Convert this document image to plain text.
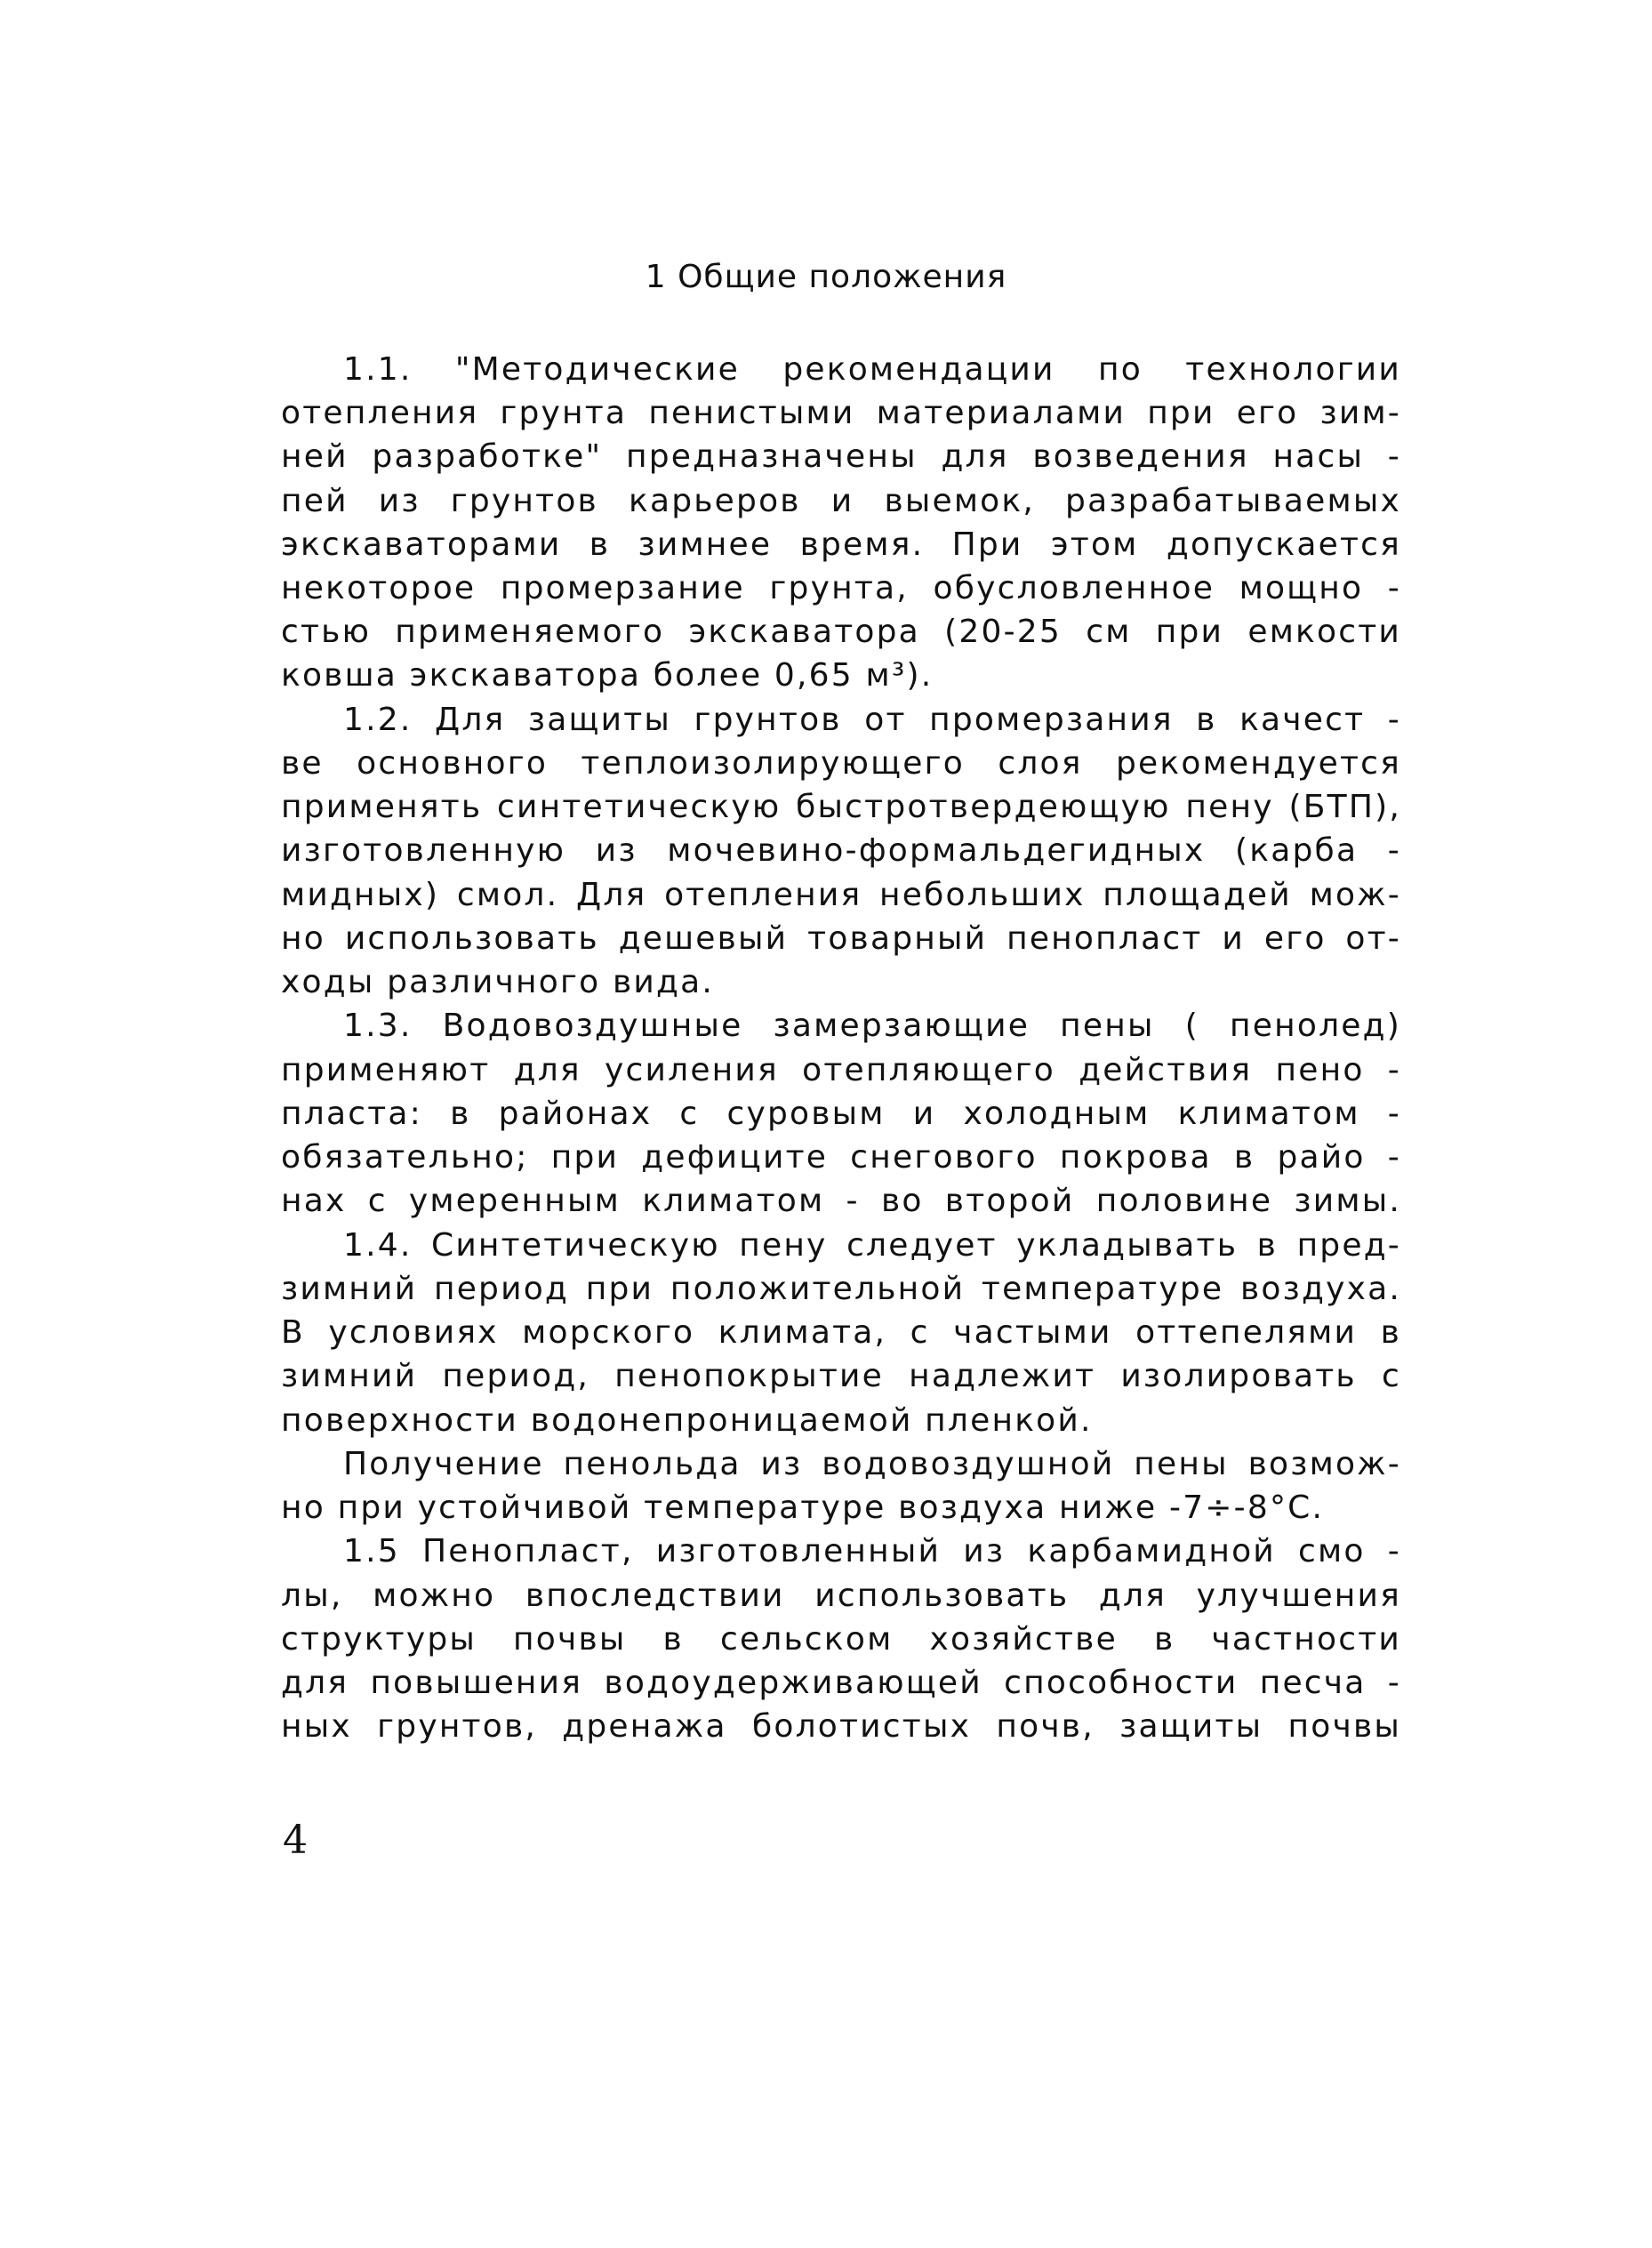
1 Общие положения

1.1. "Методические рекомендации по технологии

отепления грунта пенистыми материалами при его зим-

ней разработке" предназначены для возведения насы -

пей из грунтов карьеров и выемок, разрабатываемых

экскаваторами в зимнее время. При этом допускается

некоторое промерзание грунта, обусловленное мощно -

стью применяемого экскаватора (20-25 см при емкости

ковша экскаватора более 0,65 м³).

1.2. Для защиты грунтов от промерзания в качест -

ве основного теплоизолирующего слоя рекомендуется

применять синтетическую быстротвердеющую пену (БТП),

изготовленную из мочевино-формальдегидных (карба -

мидных) смол. Для отепления небольших площадей мож-

но использовать дешевый товарный пенопласт и его от-

ходы различного вида.

1.3. Водовоздушные замерзающие пены ( пенолед)

применяют для усиления отепляющего действия пено -

пласта: в районах с суровым и холодным климатом -

обязательно; при дефиците снегового покрова в райо -

нах с умеренным климатом - во второй половине зимы.

1.4. Синтетическую пену следует укладывать в пред-

зимний период при положительной температуре воздуха.

В условиях морского климата, с частыми оттепелями в

зимний период, пенопокрытие надлежит изолировать с

поверхности водонепроницаемой пленкой.

Получение пенольда из водовоздушной пены возмож-

но при устойчивой температуре воздуха ниже -7÷-8°С.

1.5 Пенопласт, изготовленный из карбамидной смо -

лы, можно впоследствии использовать для улучшения

структуры почвы в сельском хозяйстве в частности

для повышения водоудерживающей способности песча -

ных грунтов, дренажа болотистых почв, защиты почвы

4
